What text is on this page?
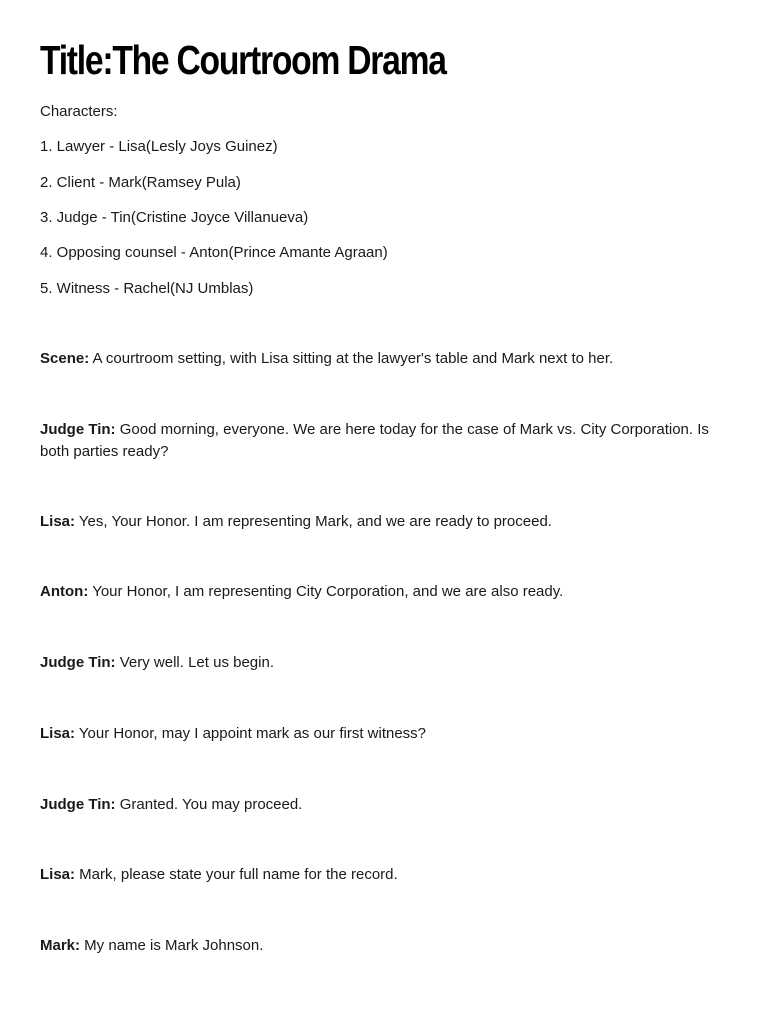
Title:The Courtroom Drama

Characters:

1. Lawyer - Lisa(Lesly Joys Guinez)

2. Client - Mark(Ramsey Pula)

3. Judge - Tin(Cristine Joyce Villanueva)

4. Opposing counsel - Anton(Prince Amante Agraan)

5. Witness - Rachel(NJ Umblas)

Scene: A courtroom setting, with Lisa sitting at the lawyer's table and Mark next to her.

Judge Tin: Good morning, everyone. We are here today for the case of Mark vs. City Corporation. Is both parties ready?

Lisa: Yes, Your Honor. I am representing Mark, and we are ready to proceed.

Anton: Your Honor, I am representing City Corporation, and we are also ready.

Judge Tin: Very well. Let us begin.

Lisa: Your Honor, may I appoint mark as our first witness?

Judge Tin: Granted. You may proceed.

Lisa: Mark, please state your full name for the record.

Mark: My name is Mark Johnson.
